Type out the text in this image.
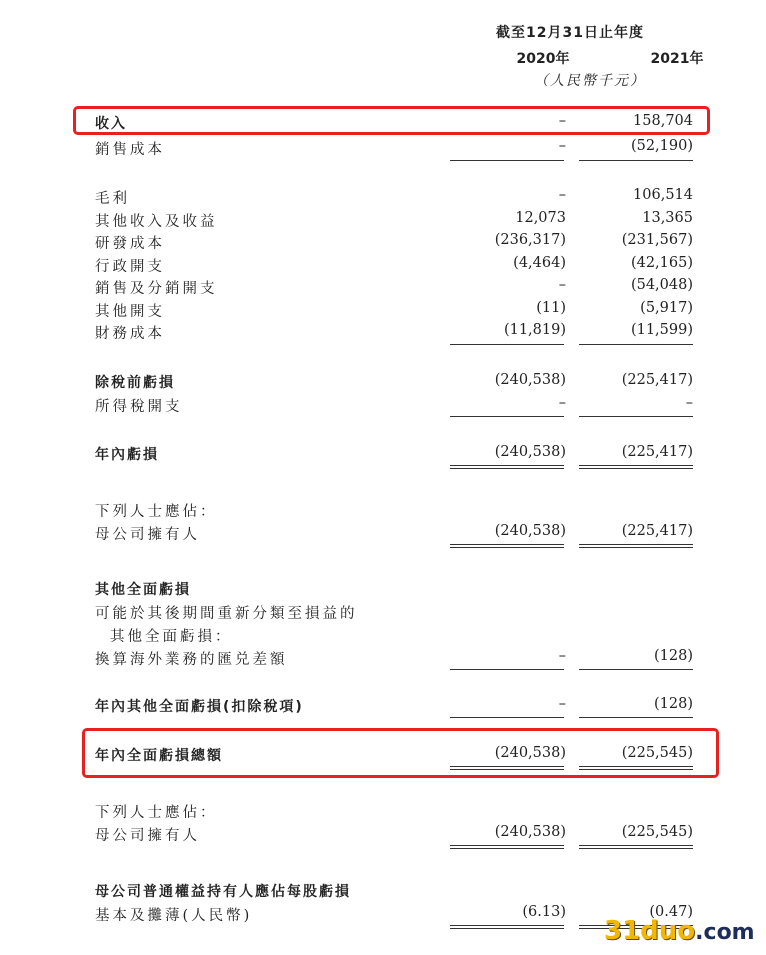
截至12月31日止年度
2020年	2021年
（人民幣千元）
收入	–	158,704
銷售成本	–	(52,190)
毛利	–	106,514
其他收入及收益	12,073	13,365
研發成本	(236,317)	(231,567)
行政開支	(4,464)	(42,165)
銷售及分銷開支	–	(54,048)
其他開支	(11)	(5,917)
財務成本	(11,819)	(11,599)
除稅前虧損	(240,538)	(225,417)
所得稅開支	–	–
年內虧損	(240,538)	(225,417)
下列人士應佔：
母公司擁有人	(240,538)	(225,417)
其他全面虧損
可能於其後期間重新分類至損益的
其他全面虧損：
換算海外業務的匯兑差額	–	(128)
年內其他全面虧損(扣除稅項)	–	(128)
年內全面虧損總額	(240,538)	(225,545)
下列人士應佔：
母公司擁有人	(240,538)	(225,545)
母公司普通權益持有人應佔每股虧損
基本及攤薄(人民幣)	(6.13)	(0.47)
31duo.com
